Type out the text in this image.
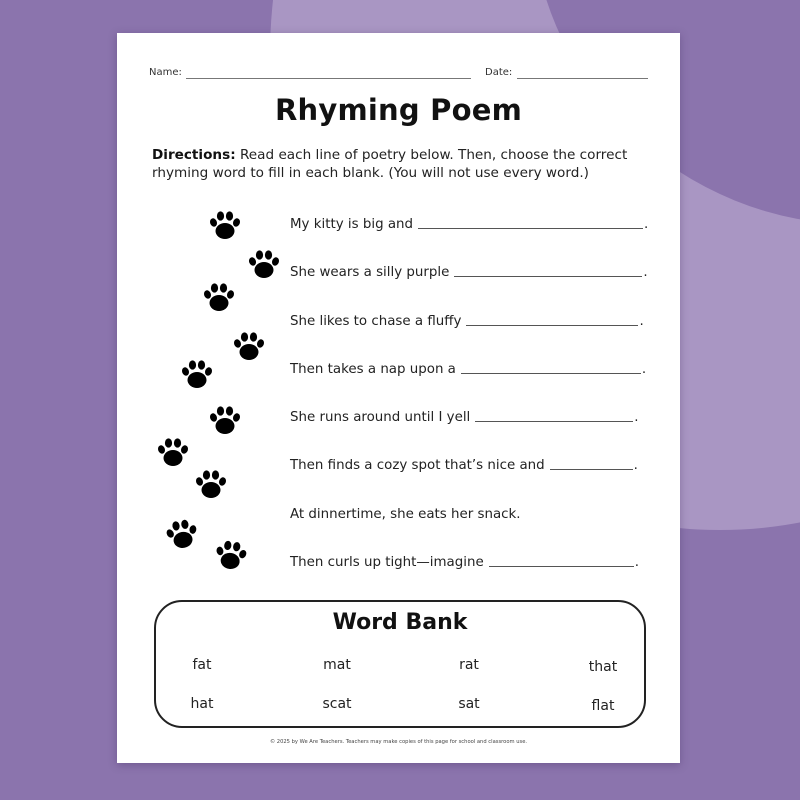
Name:	Date:
Rhyming Poem
Directions: Read each line of poetry below. Then, choose the correct rhyming word to fill in each blank. (You will not use every word.)
My kitty is big and	.
She wears a silly purple	.
She likes to chase a fluffy	.
Then takes a nap upon a	.
She runs around until I yell	.
Then finds a cozy spot that’s nice and	.
At dinnertime, she eats her snack.
Then curls up tight—imagine	.
Word Bank
fat	mat	rat	that
hat	scat	sat	flat
© 2025 by We Are Teachers. Teachers may make copies of this page for school and classroom use.
